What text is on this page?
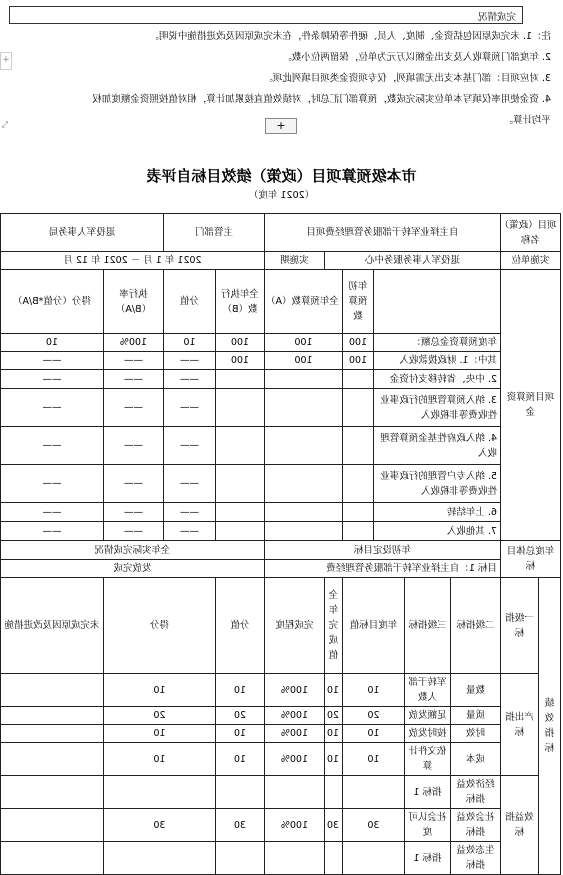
完成情况
注：1. 未完成原因包括资金、制度、人员、硬件等保障条件，在未完成原因及改进措施中说明。
2. 年度部门预算收入及支出金额以万元为单位，保留两位小数。
3. 对应项目：部门基本支出无需填列，仅专项资金类项目填列此项。
4. 资金使用率仅填写本单位实际完成数，预算部门汇总时，对绩效值直接累加计算，相对值按照资金额度加权
平均计算。
+
+
⤡
市本级预算项目（政策）绩效目标自评表
（2021 年度）
项目（政策）名称		自主择业军转干部服务管理经费项目						主管部门		退役军人事务局	
实施单位		退役军人事务服务中心					实施期	2021 年 1 月 － 2021 年 12 月			
项目预算资金					年初预算数	全年预算数（A）		全年执行数（B）	分值	执行率（B/A）	得分（分值*B/A）
		年度预算资金总额：			100	100		100	10	100%	10
		其中：1. 财政拨款收入			100	100		100	——	——	——
		2. 中央、省转移支付资金							——	——	——
		3. 纳入预算管理的行政事业性收费等非税收入							——	——	——
		4. 纳入政府性基金预算管理收入							——	——	——
		5. 纳入专户管理的行政事业性收费等非税收入							——	——	——
		6. 上年结转							——	——	——
		7. 其他收入							——	——	——
年度总体目标		年初设定目标						全年实际完成情况			
		目标 1：自主择业军转干部服务管理经费						发放完成			
绩效指标	一级指标	二级指标	三级指标	年度目标值		全年完成值	完成程度	分值	得分		未完成原因及改进措施
	产出指标	数量	军转干部人数	10		10	100%	10	10		
		质量	足额发放	20		20	100%	20	20		
		时效	按时发放	10		10	100%	10	10		
		成本	依文件计算	10		10	100%	10	10		
	效益指标	经济效益指标	指标 1								
		社会效益指标	社会认可度	30		30	100%	30	30		
		生态效益指标	指标 1								
